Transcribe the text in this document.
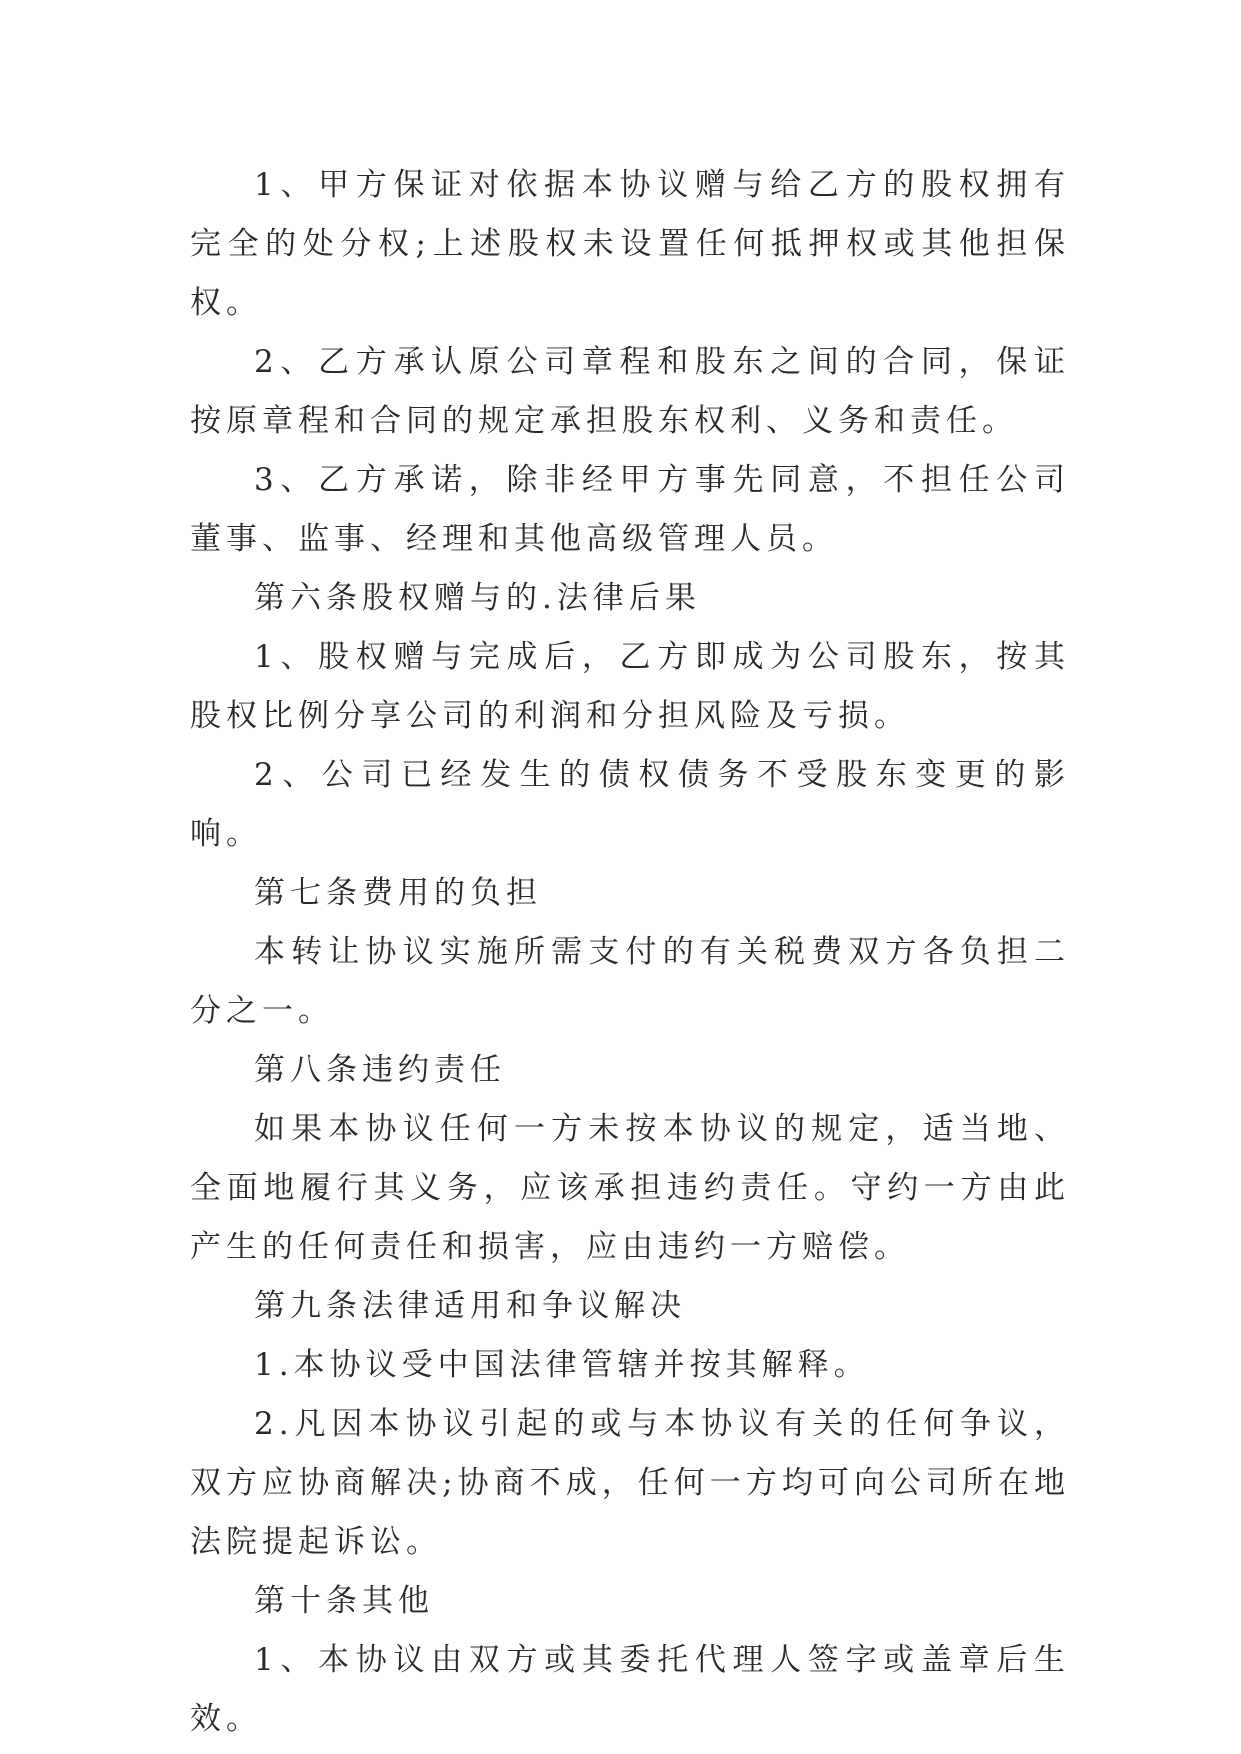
1、甲方保证对依据本协议赠与给乙方的股权拥有完全的处分权;上述股权未设置任何抵押权或其他担保权。

2、乙方承认原公司章程和股东之间的合同，保证按原章程和合同的规定承担股东权利、义务和责任。

3、乙方承诺，除非经甲方事先同意，不担任公司董事、监事、经理和其他高级管理人员。

第六条股权赠与的.法律后果

1、股权赠与完成后，乙方即成为公司股东，按其股权比例分享公司的利润和分担风险及亏损。

2、公司已经发生的债权债务不受股东变更的影响。

第七条费用的负担

本转让协议实施所需支付的有关税费双方各负担二分之一。

第八条违约责任

如果本协议任何一方未按本协议的规定，适当地、全面地履行其义务，应该承担违约责任。守约一方由此产生的任何责任和损害，应由违约一方赔偿。

第九条法律适用和争议解决

1.本协议受中国法律管辖并按其解释。

2.凡因本协议引起的或与本协议有关的任何争议，双方应协商解决;协商不成，任何一方均可向公司所在地法院提起诉讼。

第十条其他

1、本协议由双方或其委托代理人签字或盖章后生效。
